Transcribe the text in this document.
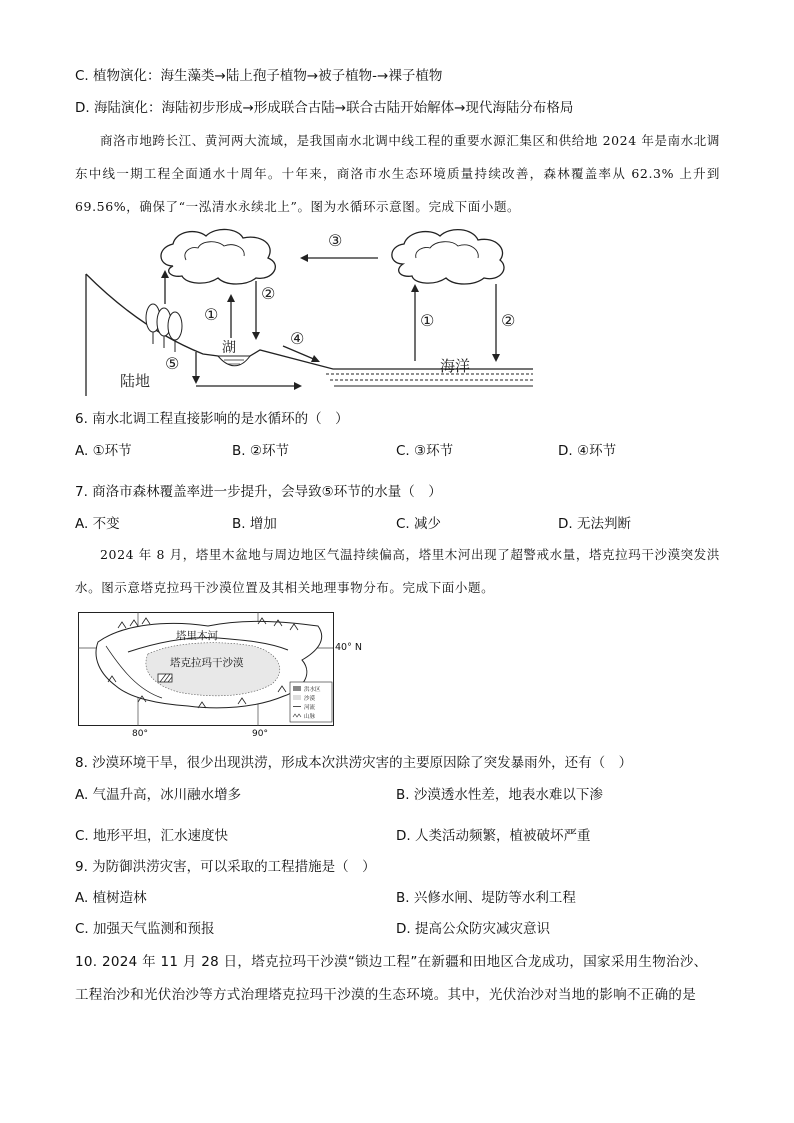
C. 植物演化：海生藻类→陆上孢子植物→被子植物-→裸子植物
D. 海陆演化：海陆初步形成→形成联合古陆→联合古陆开始解体→现代海陆分布格局
商洛市地跨长江、黄河两大流域，是我国南水北调中线工程的重要水源汇集区和供给地 2024 年是南水北调东中线一期工程全面通水十周年。十年来，商洛市水生态环境质量持续改善，森林覆盖率从 62.3% 上升到 69.56%，确保了“一泓清水永续北上”。图为水循环示意图。完成下面小题。
③
湖
海洋
陆地
①
②
④
⑤
①	②
6. 南水北调工程直接影响的是水循环的（　）
A. ①环节	B. ②环节	C. ③环节	D. ④环节
7. 商洛市森林覆盖率进一步提升，会导致⑤环节的水量（　）
A. 不变	B. 增加	C. 减少	D. 无法判断
2024 年 8 月，塔里木盆地与周边地区气温持续偏高，塔里木河出现了超警戒水量，塔克拉玛干沙漠突发洪水。图示意塔克拉玛干沙漠位置及其相关地理事物分布。完成下面小题。
塔里木河
塔克拉玛干沙漠
40° N
80°	90°
洪水区
沙漠
河流
山脉
8. 沙漠环境干旱，很少出现洪涝，形成本次洪涝灾害的主要原因除了突发暴雨外，还有（　）
A. 气温升高，冰川融水增多	B. 沙漠透水性差，地表水难以下渗
C. 地形平坦，汇水速度快	D. 人类活动频繁，植被破坏严重
9. 为防御洪涝灾害，可以采取的工程措施是（　）
A. 植树造林	B. 兴修水闸、堤防等水利工程
C. 加强天气监测和预报	D. 提高公众防灾减灾意识
10. 2024 年 11 月 28 日，塔克拉玛干沙漠“锁边工程”在新疆和田地区合龙成功，国家采用生物治沙、工程治沙和光伏治沙等方式治理塔克拉玛干沙漠的生态环境。其中，光伏治沙对当地的影响不正确的是
